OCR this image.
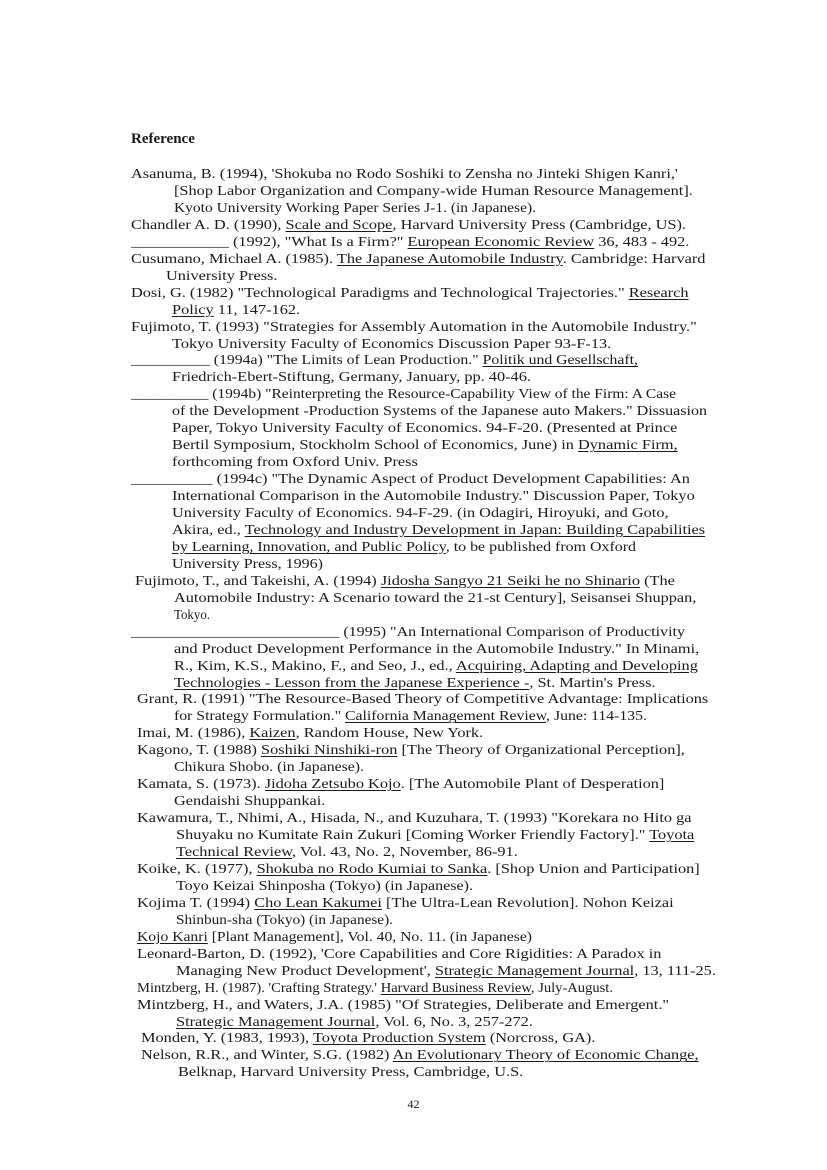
Reference
Asanuma, B. (1994), 'Shokuba no Rodo Soshiki to Zensha no Jinteki Shigen Kanri,'
[Shop Labor Organization and Company-wide Human Resource Management].
Kyoto University Working Paper Series J-1. (in Japanese).
Chandler A. D. (1990), Scale and Scope, Harvard University Press (Cambridge, US).
____________ (1992), "What Is a Firm?" European Economic Review 36, 483 - 492.
Cusumano, Michael A. (1985). The Japanese Automobile Industry. Cambridge: Harvard
University Press.
Dosi, G. (1982) "Technological Paradigms and Technological Trajectories." Research
Policy 11, 147-162.
Fujimoto, T. (1993) "Strategies for Assembly Automation in the Automobile Industry."
Tokyo University Faculty of Economics Discussion Paper 93-F-13.
__________ (1994a) "The Limits of Lean Production." Politik und Gesellschaft,
Friedrich-Ebert-Stiftung, Germany, January, pp. 40-46.
__________ (1994b) "Reinterpreting the Resource-Capability View of the Firm: A Case
of the Development -Production Systems of the Japanese auto Makers." Dissuasion
Paper, Tokyo University Faculty of Economics. 94-F-20. (Presented at Prince
Bertil Symposium, Stockholm School of Economics, June) in Dynamic Firm,
forthcoming from Oxford Univ. Press
__________ (1994c) "The Dynamic Aspect of Product Development Capabilities: An
International Comparison in the Automobile Industry." Discussion Paper, Tokyo
University Faculty of Economics. 94-F-29. (in Odagiri, Hiroyuki, and Goto,
Akira, ed., Technology and Industry Development in Japan: Building Capabilities
by Learning, Innovation, and Public Policy, to be published from Oxford
University Press, 1996)
Fujimoto, T., and Takeishi, A. (1994) Jidosha Sangyo 21 Seiki he no Shinario (The
Automobile Industry: A Scenario toward the 21-st Century], Seisansei Shuppan,
Tokyo.
__________________________ (1995) "An International Comparison of Productivity
and Product Development Performance in the Automobile Industry." In Minami,
R., Kim, K.S., Makino, F., and Seo, J., ed., Acquiring, Adapting and Developing
Technologies - Lesson from the Japanese Experience -, St. Martin's Press.
Grant, R. (1991) "The Resource-Based Theory of Competitive Advantage: Implications
for Strategy Formulation." California Management Review, June: 114-135.
Imai, M. (1986), Kaizen, Random House, New York.
Kagono, T. (1988) Soshiki Ninshiki-ron [The Theory of Organizational Perception],
Chikura Shobo. (in Japanese).
Kamata, S. (1973). Jidoha Zetsubo Kojo. [The Automobile Plant of Desperation]
Gendaishi Shuppankai.
Kawamura, T., Nhimi, A., Hisada, N., and Kuzuhara, T. (1993) "Korekara no Hito ga
Shuyaku no Kumitate Rain Zukuri [Coming Worker Friendly Factory]." Toyota
Technical Review, Vol. 43, No. 2, November, 86-91.
Koike, K. (1977), Shokuba no Rodo Kumiai to Sanka. [Shop Union and Participation]
Toyo Keizai Shinposha (Tokyo) (in Japanese).
Kojima T. (1994) Cho Lean Kakumei [The Ultra-Lean Revolution]. Nohon Keizai
Shinbun-sha (Tokyo) (in Japanese).
Kojo Kanri [Plant Management], Vol. 40, No. 11. (in Japanese)
Leonard-Barton, D. (1992), 'Core Capabilities and Core Rigidities: A Paradox in
Managing New Product Development', Strategic Management Journal, 13, 111-25.
Mintzberg, H. (1987). 'Crafting Strategy.' Harvard Business Review, July-August.
Mintzberg, H., and Waters, J.A. (1985) "Of Strategies, Deliberate and Emergent."
Strategic Management Journal, Vol. 6, No. 3, 257-272.
Monden, Y. (1983, 1993), Toyota Production System (Norcross, GA).
Nelson, R.R., and Winter, S.G. (1982) An Evolutionary Theory of Economic Change,
Belknap, Harvard University Press, Cambridge, U.S.
42
